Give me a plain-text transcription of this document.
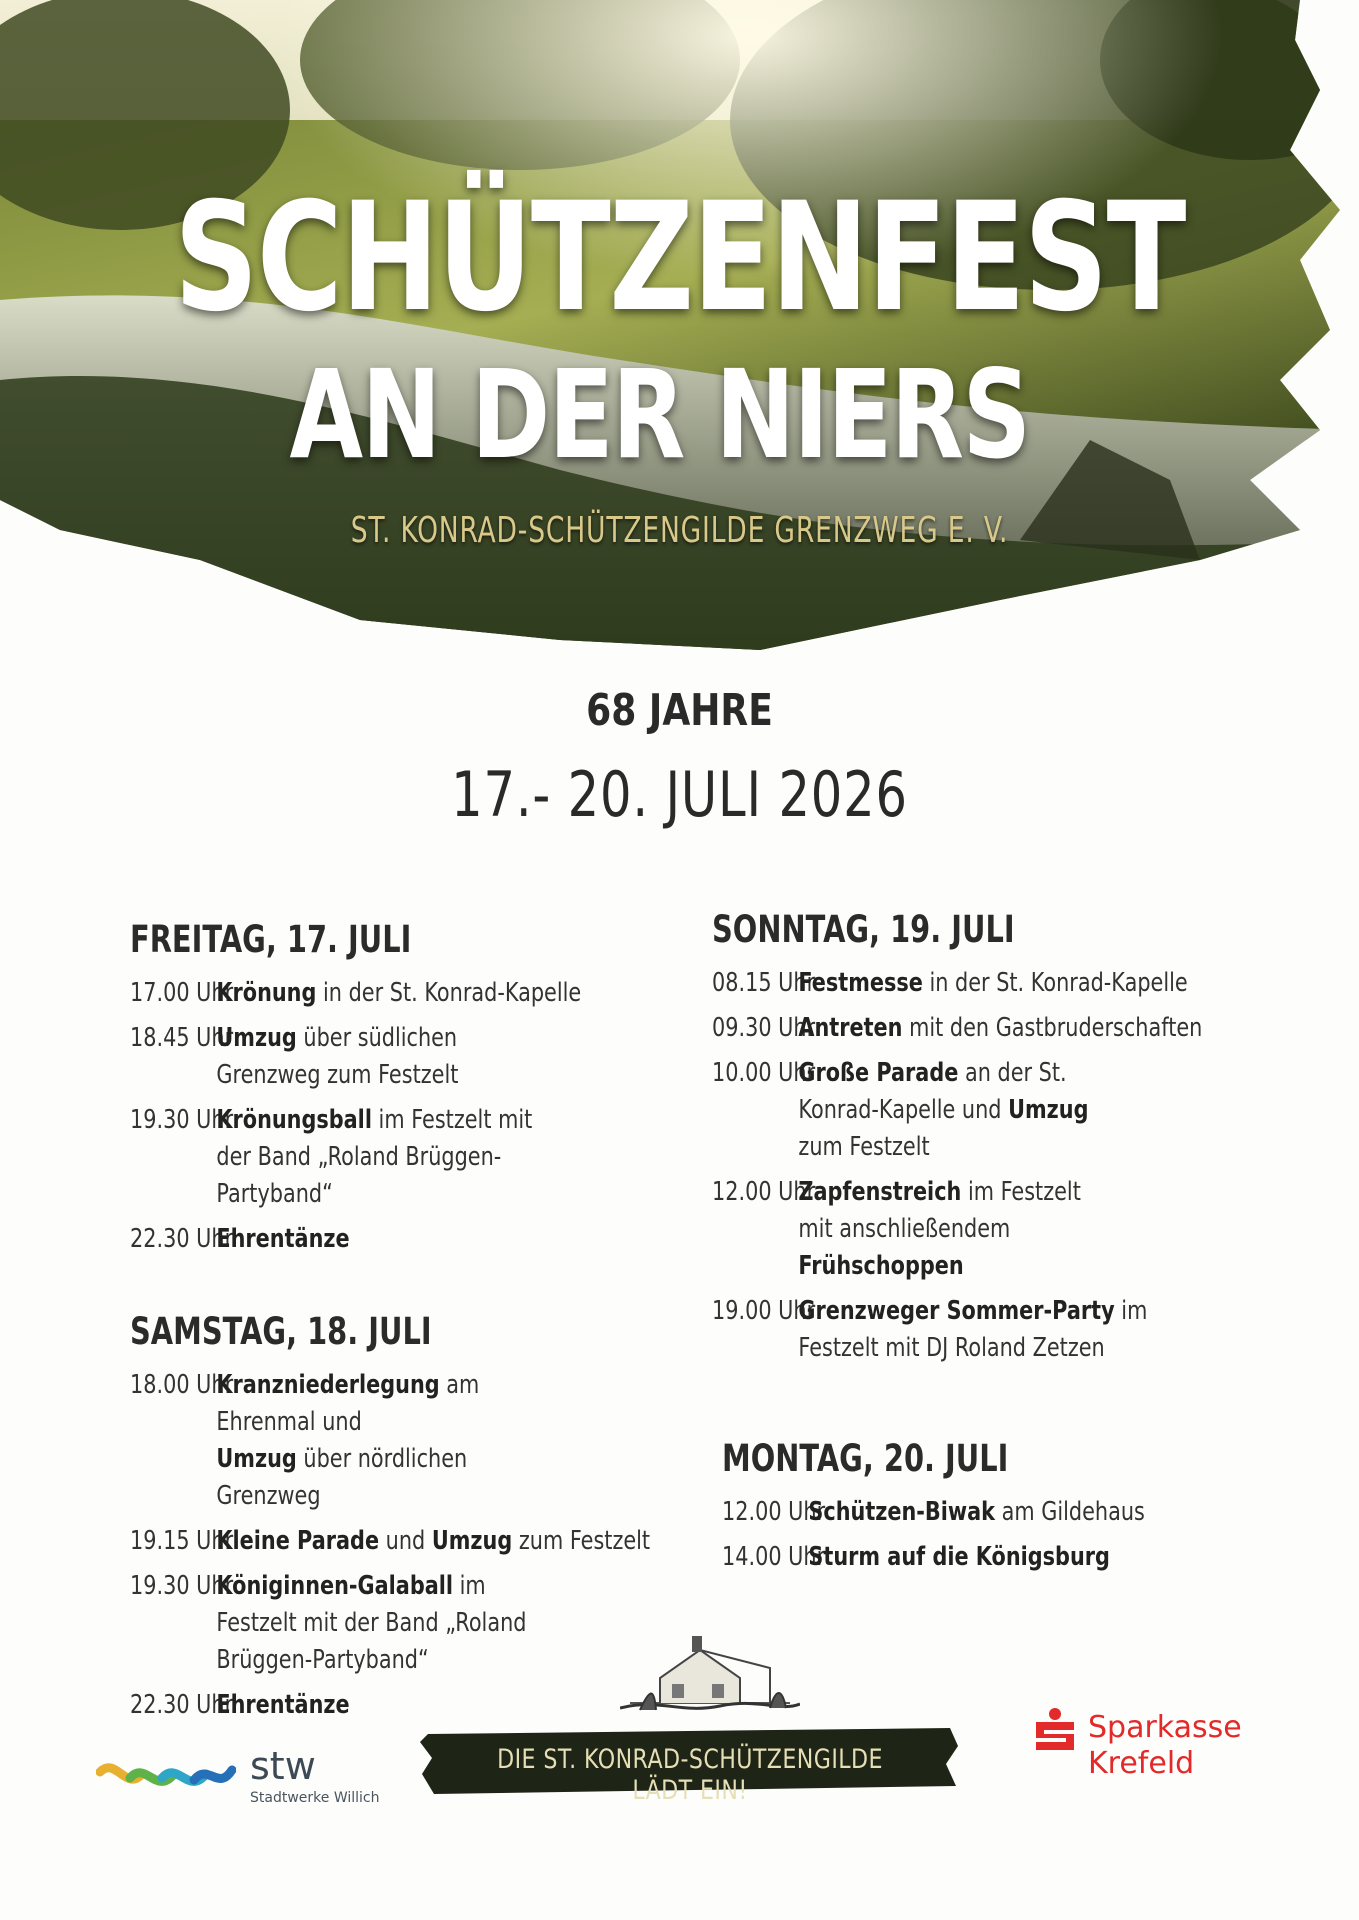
SCHÜTZENFEST
AN DER NIERS
ST. KONRAD-SCHÜTZENGILDE GRENZWEG E. V.
68 JAHRE
17.- 20. JULI 2026
FREITAG, 17. JULI
17.00 Uhr
Krönung in der St. Konrad-Kapelle
18.45 Uhr
Umzug über südlichen Grenzweg zum Festzelt
19.30 Uhr
Krönungsball im Festzelt mit der Band „Roland Brüggen-Partyband“
22.30 Uhr
Ehrentänze
SAMSTAG, 18. JULI
18.00 Uhr
Kranzniederlegung am Ehrenmal und
Umzug über nördlichen Grenzweg
19.15 Uhr
Kleine Parade und Umzug zum Festzelt
19.30 Uhr
Königinnen-Galaball im Festzelt mit der Band „Roland Brüggen-Partyband“
22.30 Uhr
Ehrentänze
SONNTAG, 19. JULI
08.15 Uhr
Festmesse in der St. Konrad-Kapelle
09.30 Uhr
Antreten mit den Gastbruderschaften
10.00 Uhr
Große Parade an der St. Konrad-Kapelle und Umzug zum Festzelt
12.00 Uhr
Zapfenstreich im Festzelt mit anschließendem Frühschoppen
19.00 Uhr
Grenzweger Sommer-Party im Festzelt mit DJ Roland Zetzen
MONTAG, 20. JULI
12.00 Uhr
Schützen-Biwak am Gildehaus
14.00 Uhr
Sturm auf die Königsburg
DIE ST. KONRAD-SCHÜTZENGILDE LÄDT EIN!
stw
Stadtwerke Willich
Sparkasse
Krefeld
